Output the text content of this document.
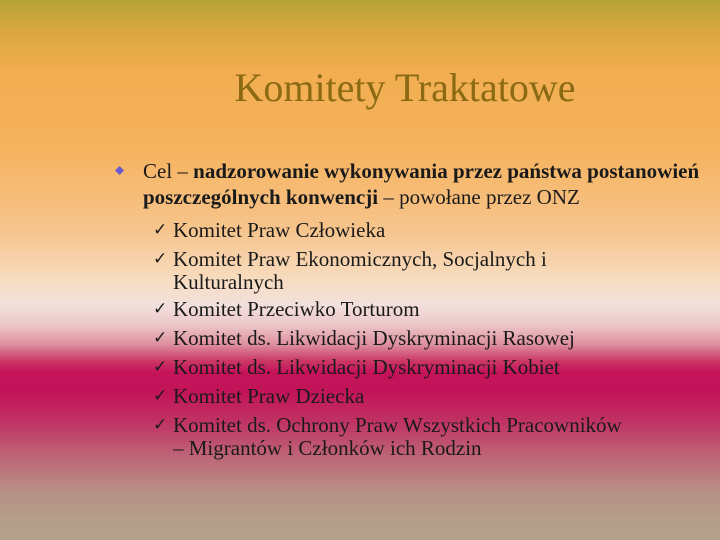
Komitety Traktatowe
Cel – nadzorowanie wykonywania przez państwa postanowień poszczególnych konwencji – powołane przez ONZ
✓ Komitet Praw Człowieka
✓ Komitet Praw Ekonomicznych, Socjalnych i
Kulturalnych
✓ Komitet Przeciwko Torturom
✓ Komitet ds. Likwidacji Dyskryminacji Rasowej
✓ Komitet ds. Likwidacji Dyskryminacji Kobiet
✓ Komitet Praw Dziecka
✓ Komitet ds. Ochrony Praw Wszystkich Pracowników
– Migrantów i Członków ich Rodzin
